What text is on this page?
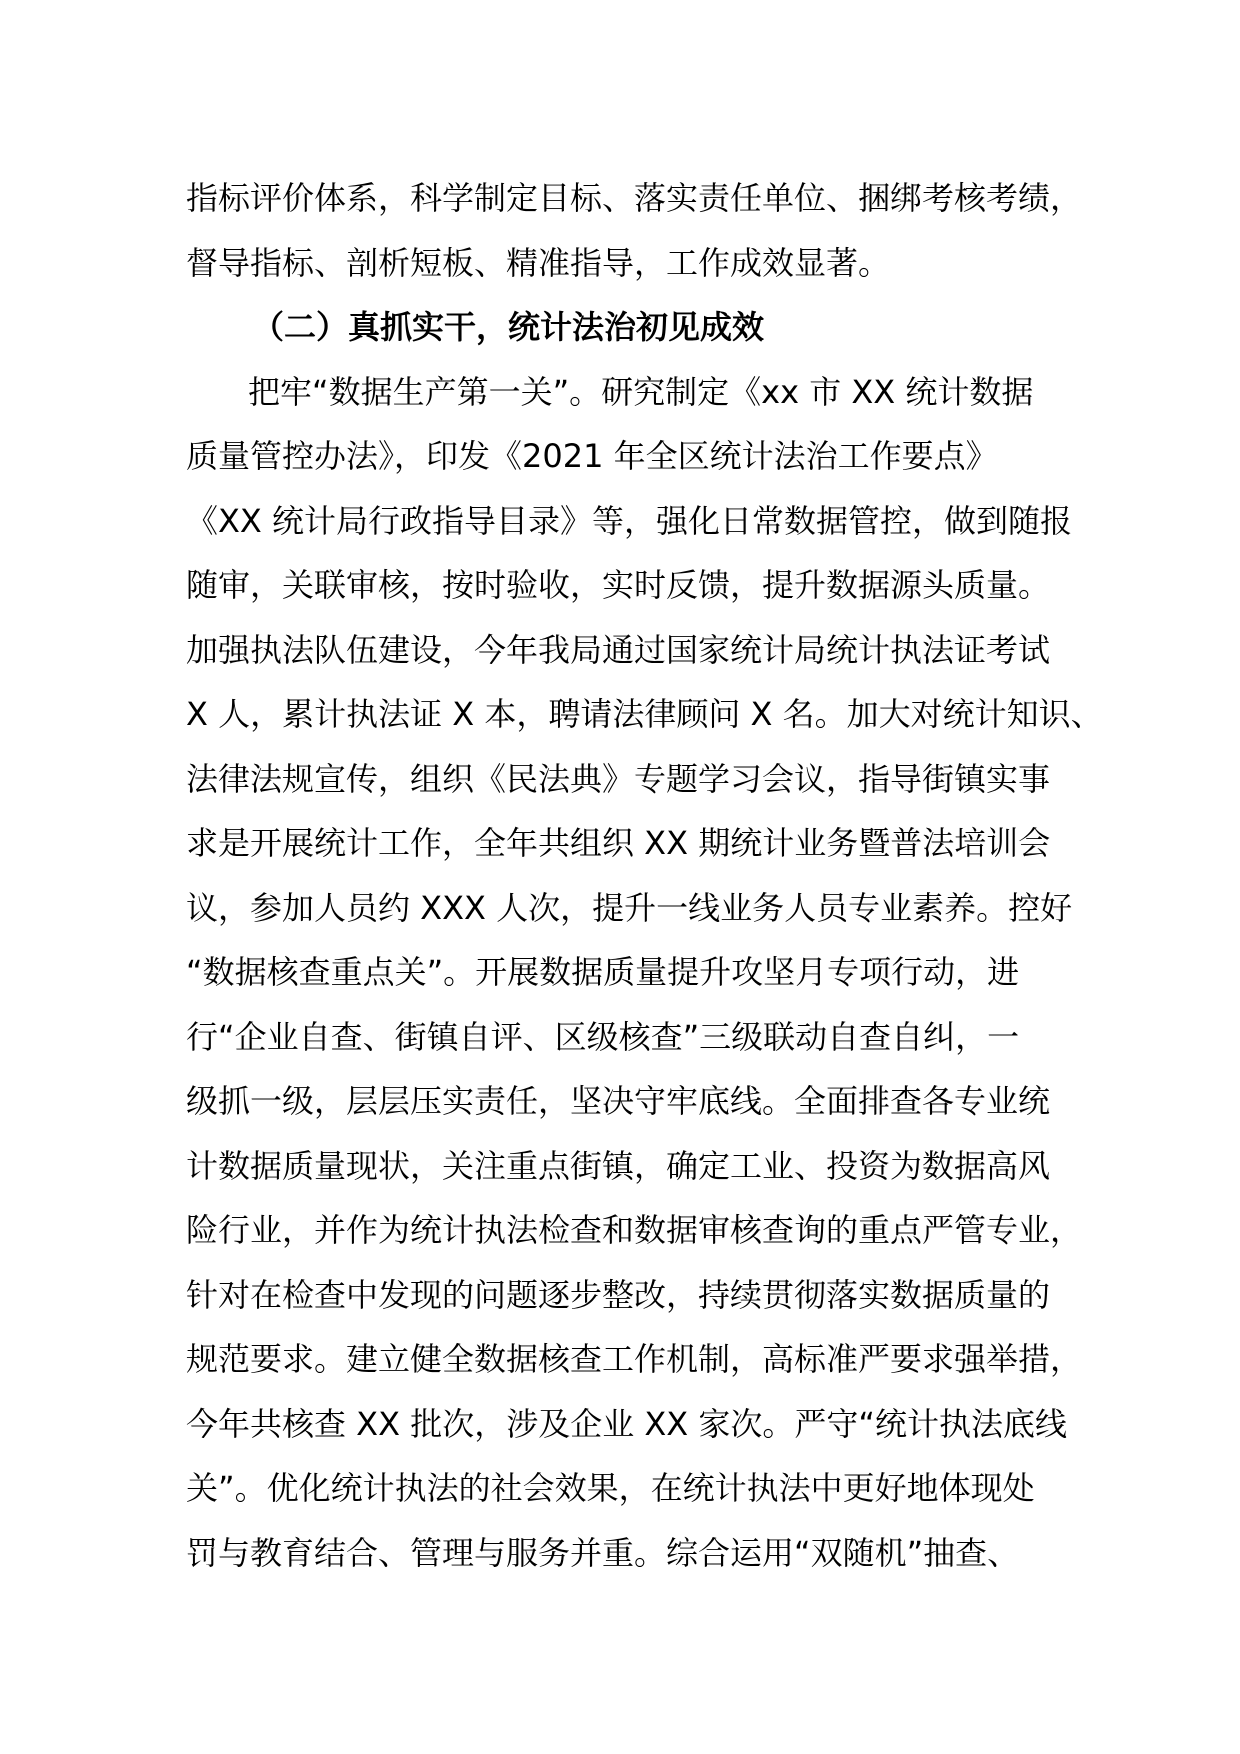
指标评价体系，科学制定目标、落实责任单位、捆绑考核考绩，
督导指标、剖析短板、精准指导，工作成效显著。
（二）真抓实干，统计法治初见成效
把牢“数据生产第一关”。研究制定《xx 市 XX 统计数据
质量管控办法》，印发《2021 年全区统计法治工作要点》
《XX 统计局行政指导目录》等，强化日常数据管控，做到随报
随审，关联审核，按时验收，实时反馈，提升数据源头质量。
加强执法队伍建设，今年我局通过国家统计局统计执法证考试
X 人，累计执法证 X 本，聘请法律顾问 X 名。加大对统计知识、
法律法规宣传，组织《民法典》专题学习会议，指导街镇实事
求是开展统计工作，全年共组织 XX 期统计业务暨普法培训会
议，参加人员约 XXX 人次，提升一线业务人员专业素养。控好
“数据核查重点关”。开展数据质量提升攻坚月专项行动，进
行“企业自查、街镇自评、区级核查”三级联动自查自纠，一
级抓一级，层层压实责任，坚决守牢底线。全面排查各专业统
计数据质量现状，关注重点街镇，确定工业、投资为数据高风
险行业，并作为统计执法检查和数据审核查询的重点严管专业，
针对在检查中发现的问题逐步整改，持续贯彻落实数据质量的
规范要求。建立健全数据核查工作机制，高标准严要求强举措，
今年共核查 XX 批次，涉及企业 XX 家次。严守“统计执法底线
关”。优化统计执法的社会效果，在统计执法中更好地体现处
罚与教育结合、管理与服务并重。综合运用“双随机”抽查、
